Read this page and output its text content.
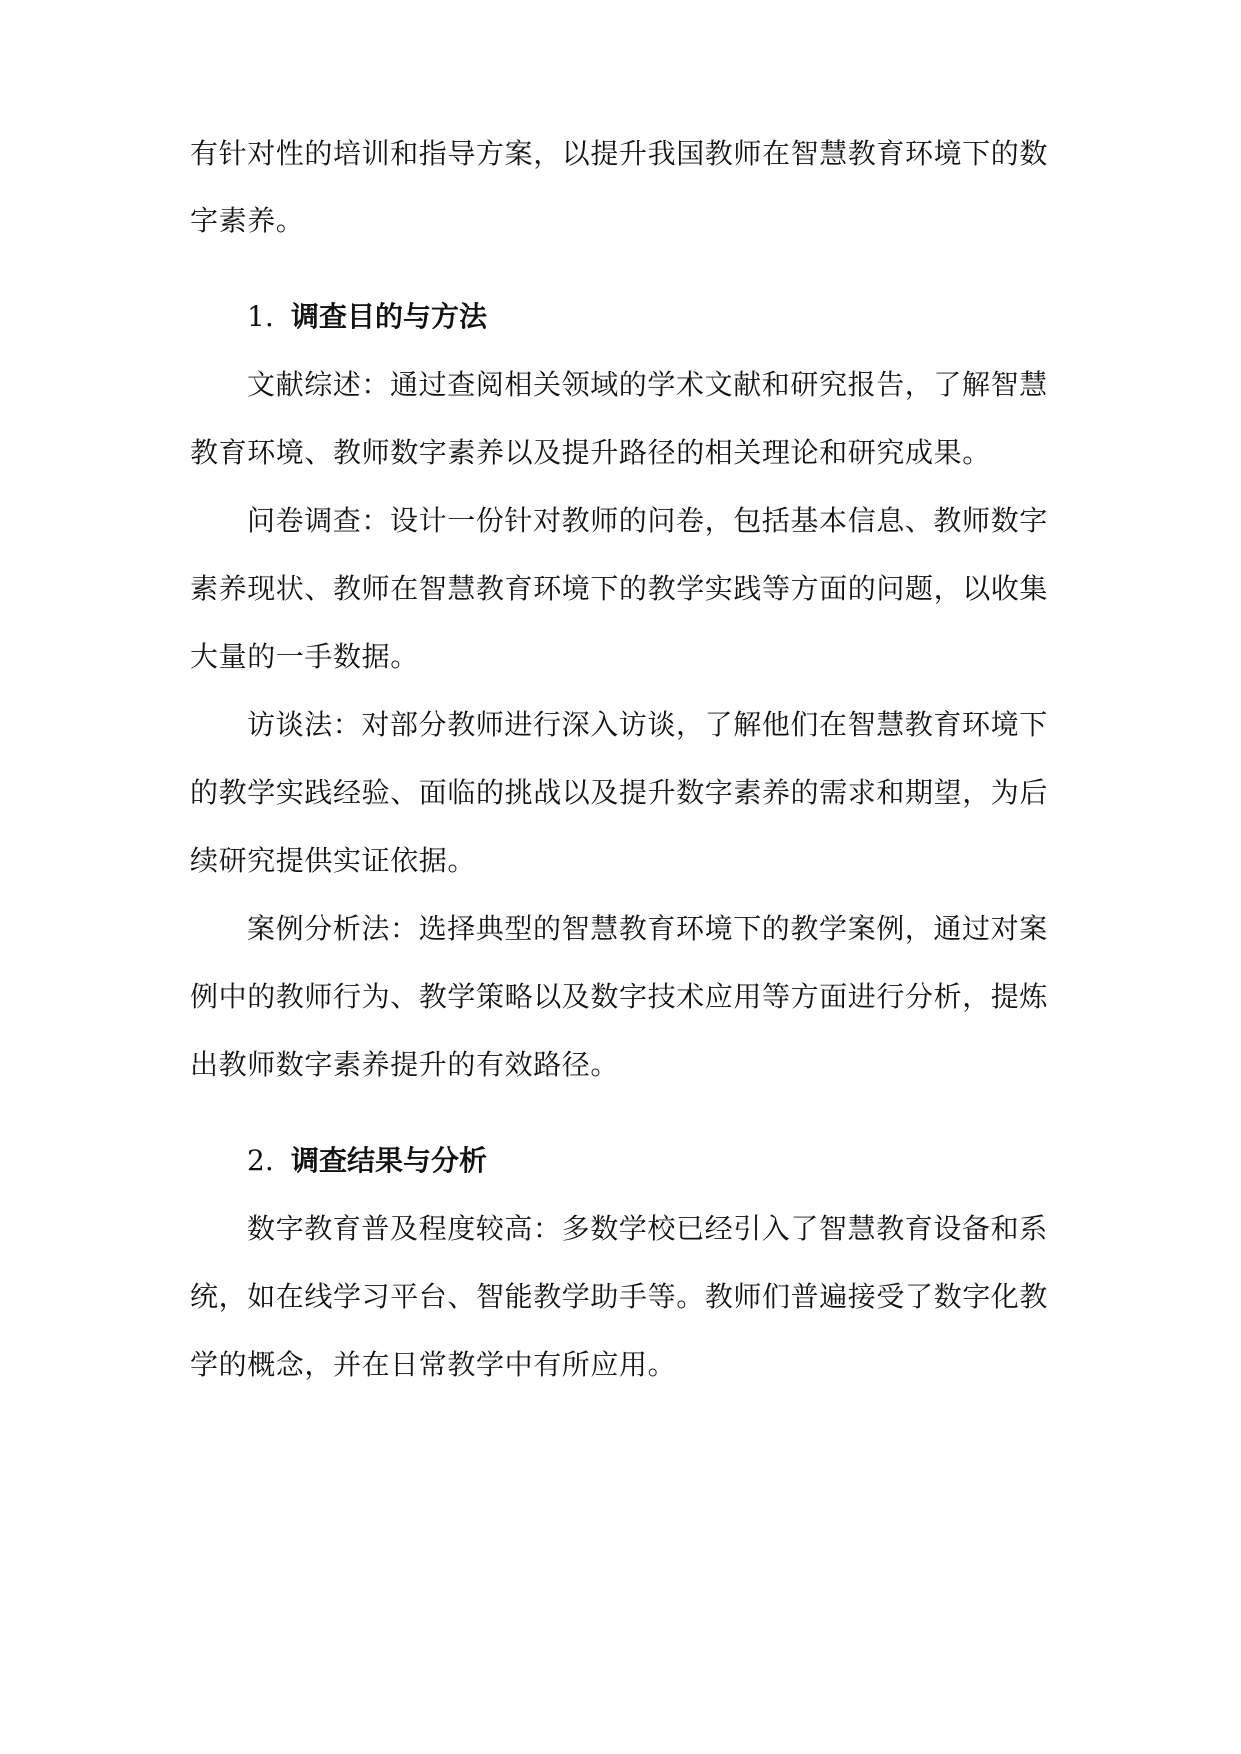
有针对性的培训和指导方案，以提升我国教师在智慧教育环境下的数
字素养。
1. 调查目的与方法
文献综述：通过查阅相关领域的学术文献和研究报告，了解智慧
教育环境、教师数字素养以及提升路径的相关理论和研究成果。
问卷调查：设计一份针对教师的问卷，包括基本信息、教师数字
素养现状、教师在智慧教育环境下的教学实践等方面的问题，以收集
大量的一手数据。
访谈法：对部分教师进行深入访谈，了解他们在智慧教育环境下
的教学实践经验、面临的挑战以及提升数字素养的需求和期望，为后
续研究提供实证依据。
案例分析法：选择典型的智慧教育环境下的教学案例，通过对案
例中的教师行为、教学策略以及数字技术应用等方面进行分析，提炼
出教师数字素养提升的有效路径。
2. 调查结果与分析
数字教育普及程度较高：多数学校已经引入了智慧教育设备和系
统，如在线学习平台、智能教学助手等。教师们普遍接受了数字化教
学的概念，并在日常教学中有所应用。
